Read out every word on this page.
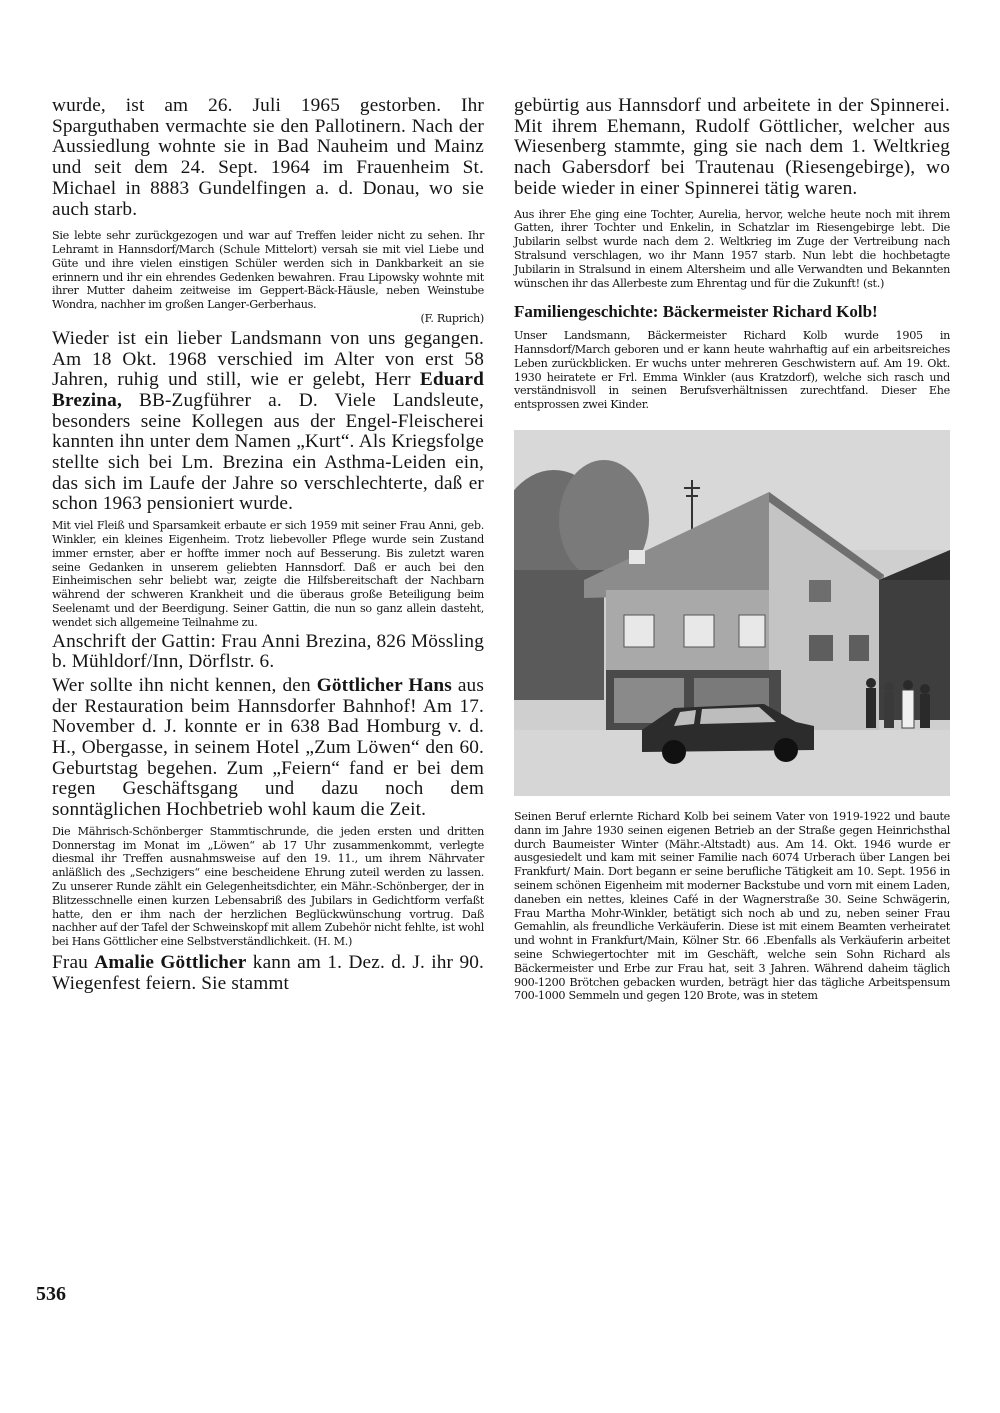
wurde, ist am 26. Juli 1965 gestorben. Ihr Sparguthaben vermachte sie den Pallotinern. Nach der Aussiedlung wohnte sie in Bad Nauheim und Mainz und seit dem 24. Sept. 1964 im Frauenheim St. Michael in 8883 Gundelfingen a. d. Donau, wo sie auch starb.

Sie lebte sehr zurückgezogen und war auf Treffen leider nicht zu sehen. Ihr Lehramt in Hannsdorf/March (Schule Mittelort) versah sie mit viel Liebe und Güte und ihre vielen einstigen Schüler werden sich in Dankbarkeit an sie erinnern und ihr ein ehrendes Gedenken bewahren. Frau Lipowsky wohnte mit ihrer Mutter daheim zeitweise im Geppert-Bäck-Häusle, neben Weinstube Wondra, nachher im großen Langer-Gerberhaus.
(F. Ruprich)

Wieder ist ein lieber Landsmann von uns gegangen. Am 18 Okt. 1968 verschied im Alter von erst 58 Jahren, ruhig und still, wie er gelebt, Herr Eduard Brezina, BB-Zugführer a. D. Viele Landsleute, besonders seine Kollegen aus der Engel-Fleischerei kannten ihn unter dem Namen „Kurt“. Als Kriegsfolge stellte sich bei Lm. Brezina ein Asthma-Leiden ein, das sich im Laufe der Jahre so verschlechterte, daß er schon 1963 pensioniert wurde.

Mit viel Fleiß und Sparsamkeit erbaute er sich 1959 mit seiner Frau Anni, geb. Winkler, ein kleines Eigenheim. Trotz liebevoller Pflege wurde sein Zustand immer ernster, aber er hoffte immer noch auf Besserung. Bis zuletzt waren seine Gedanken in unserem geliebten Hannsdorf. Daß er auch bei den Einheimischen sehr beliebt war, zeigte die Hilfsbereitschaft der Nachbarn während der schweren Krankheit und die überaus große Beteiligung beim Seelenamt und der Beerdigung. Seiner Gattin, die nun so ganz allein dasteht, wendet sich allgemeine Teilnahme zu.

Anschrift der Gattin: Frau Anni Brezina, 826 Mössling b. Mühldorf/Inn, Dörflstr. 6.

Wer sollte ihn nicht kennen, den Göttlicher Hans aus der Restauration beim Hannsdorfer Bahnhof! Am 17. November d. J. konnte er in 638 Bad Homburg v. d. H., Obergasse, in seinem Hotel „Zum Löwen“ den 60. Geburtstag begehen. Zum „Feiern“ fand er bei dem regen Geschäftsgang und dazu noch dem sonntäglichen Hochbetrieb wohl kaum die Zeit.

Die Mährisch-Schönberger Stammtischrunde, die jeden ersten und dritten Donnerstag im Monat im „Löwen“ ab 17 Uhr zusammenkommt, verlegte diesmal ihr Treffen ausnahmsweise auf den 19. 11., um ihrem Nährvater anläßlich des „Sechzigers“ eine bescheidene Ehrung zuteil werden zu lassen. Zu unserer Runde zählt ein Gelegenheitsdichter, ein Mähr.-Schönberger, der in Blitzesschnelle einen kurzen Lebensabriß des Jubilars in Gedichtform verfaßt hatte, den er ihm nach der herzlichen Beglückwünschung vortrug. Daß nachher auf der Tafel der Schweinskopf mit allem Zubehör nicht fehlte, ist wohl bei Hans Göttlicher eine Selbstverständlichkeit. (H. M.)

Frau Amalie Göttlicher kann am 1. Dez. d. J. ihr 90. Wiegenfest feiern. Sie stammt

gebürtig aus Hannsdorf und arbeitete in der Spinnerei. Mit ihrem Ehemann, Rudolf Göttlicher, welcher aus Wiesenberg stammte, ging sie nach dem 1. Weltkrieg nach Gabersdorf bei Trautenau (Riesengebirge), wo beide wieder in einer Spinnerei tätig waren.

Aus ihrer Ehe ging eine Tochter, Aurelia, hervor, welche heute noch mit ihrem Gatten, ihrer Tochter und Enkelin, in Schatzlar im Riesengebirge lebt. Die Jubilarin selbst wurde nach dem 2. Weltkrieg im Zuge der Vertreibung nach Stralsund verschlagen, wo ihr Mann 1957 starb. Nun lebt die hochbetagte Jubilarin in Stralsund in einem Altersheim und alle Verwandten und Bekannten wünschen ihr das Allerbeste zum Ehrentag und für die Zukunft! (st.)

Familiengeschichte: Bäckermeister Richard Kolb!

Unser Landsmann, Bäckermeister Richard Kolb wurde 1905 in Hannsdorf/March geboren und er kann heute wahrhaftig auf ein arbeitsreiches Leben zurückblicken. Er wuchs unter mehreren Geschwistern auf. Am 19. Okt. 1930 heiratete er Frl. Emma Winkler (aus Kratzdorf), welche sich rasch und verständnisvoll in seinen Berufsverhältnissen zurechtfand. Dieser Ehe entsprossen zwei Kinder.

Seinen Beruf erlernte Richard Kolb bei seinem Vater von 1919-1922 und baute dann im Jahre 1930 seinen eigenen Betrieb an der Straße gegen Heinrichsthal durch Baumeister Winter (Mähr.-Altstadt) aus. Am 14. Okt. 1946 wurde er ausgesiedelt und kam mit seiner Familie nach 6074 Urberach über Langen bei Frankfurt/ Main. Dort begann er seine berufliche Tätigkeit am 10. Sept. 1956 in seinem schönen Eigenheim mit moderner Backstube und vorn mit einem Laden, daneben ein nettes, kleines Café in der Wagnerstraße 30. Seine Schwägerin, Frau Martha Mohr-Winkler, betätigt sich noch ab und zu, neben seiner Frau Gemahlin, als freundliche Verkäuferin. Diese ist mit einem Beamten verheiratet und wohnt in Frankfurt/Main, Kölner Str. 66 .Ebenfalls als Verkäuferin arbeitet seine Schwiegertochter mit im Geschäft, welche sein Sohn Richard als Bäckermeister und Erbe zur Frau hat, seit 3 Jahren. Während daheim täglich 900-1200 Brötchen gebacken wurden, beträgt hier das tägliche Arbeitspensum 700-1000 Semmeln und gegen 120 Brote, was in stetem

536
